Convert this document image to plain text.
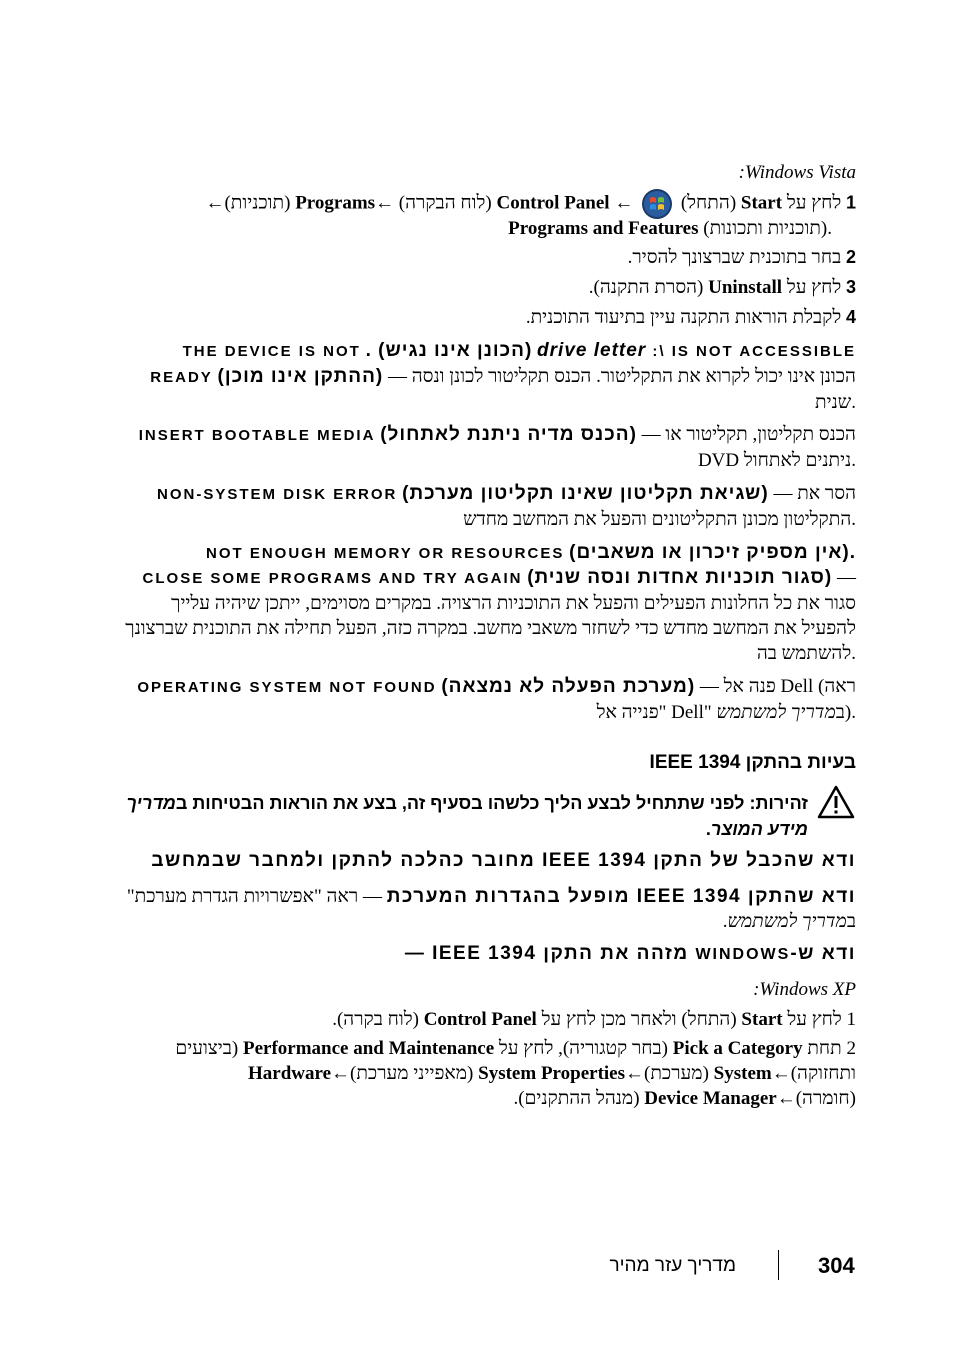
:Windows Vista
1 לחץ על Start (התחל)  ← Control Panel (לוח הבקרה) ←Programs (תוכניות)←
Programs and Features (תוכניות ותכונות).
2 בחר בתוכנית שברצונך להסיר.
3 לחץ על Uninstall (הסרת התקנה).
4 לקבלת הוראות התקנה עיין בתיעוד התוכנית.
THE DEVICE IS NOT . (הכונן אינו נגיש) drive letter :\ IS NOT ACCESSIBLE
READY (ההתקן אינו מוכן) — הכונן אינו יכול לקרוא את התקליטור. הכנס תקליטור לכונן ונסה שנית.
INSERT BOOTABLE MEDIA (הכנס מדיה ניתנת לאתחול) — הכנס תקליטון, תקליטור או DVD ניתנים לאתחול.
NON-SYSTEM DISK ERROR (שגיאת תקליטון שאינו תקליטון מערכת) — הסר את התקליטון מכונן התקליטונים והפעל את המחשב מחדש.
NOT ENOUGH MEMORY OR RESOURCES (אין מספיק זיכרון או משאבים).
CLOSE SOME PROGRAMS AND TRY AGAIN (סגור תוכניות אחדות ונסה שנית) — סגור את כל החלונות הפעילים והפעל את התוכניות הרצויה. במקרים מסוימים, ייתכן שיהיה עלייך להפעיל את המחשב מחדש כדי לשחזר משאבי מחשב. במקרה כזה, הפעל תחילה את התוכנית שברצונך להשתמש בה.
OPERATING SYSTEM NOT FOUND (מערכת הפעלה לא נמצאה) — פנה אל Dell (ראה "פנייה אל Dell" במדריך למשתמש ).
בעיות בהתקן IEEE 1394
זהירות: לפני שתתחיל לבצע הליך כלשהו בסעיף זה, בצע את הוראות הבטיחות במדריך מידע המוצר.
ודא שהכבל של התקן IEEE 1394 מחובר כהלכה להתקן ולמחבר שבמחשב
ודא שהתקן IEEE 1394 מופעל בהגדרות המערכת — ראה "אפשרויות הגדרת מערכת" במדריך למשתמש.
ודא ש-WINDOWS מזהה את התקן IEEE 1394 —
:Windows XP
1 לחץ על Start (התחל) ולאחר מכן לחץ על Control Panel (לוח בקרה).
2 תחת Pick a Category (בחר קטגוריה), לחץ על Performance and Maintenance (ביצועים ותחזוקה)←System (מערכת)←System Properties (מאפייני מערכת)←Hardware (חומרה)←Device Manager (מנהל ההתקנים).
304
מדריך עזר מהיר
